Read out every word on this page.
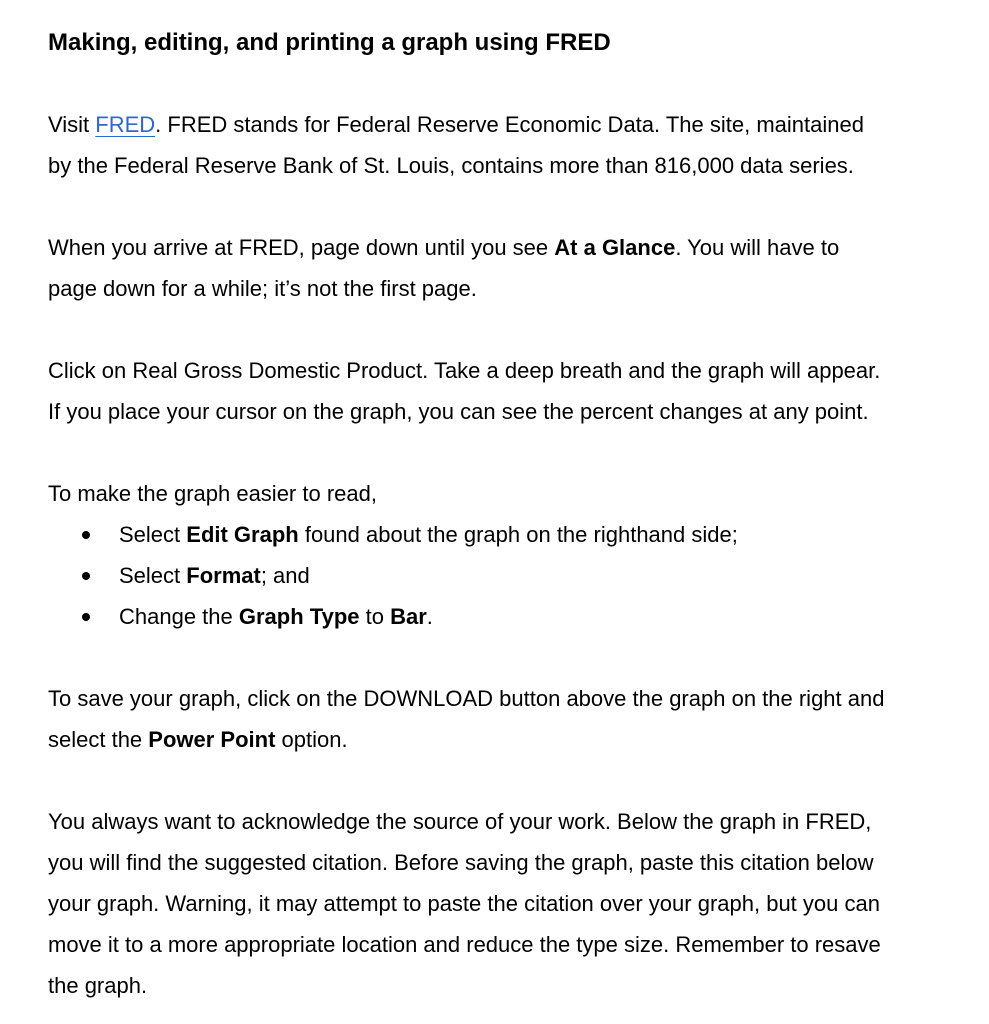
Making, editing, and printing a graph using FRED

Visit FRED. FRED stands for Federal Reserve Economic Data. The site, maintained
by the Federal Reserve Bank of St. Louis, contains more than 816,000 data series.

When you arrive at FRED, page down until you see At a Glance. You will have to
page down for a while; it’s not the first page.

Click on Real Gross Domestic Product. Take a deep breath and the graph will appear.
If you place your cursor on the graph, you can see the percent changes at any point.

To make the graph easier to read,

Select Edit Graph found about the graph on the righthand side;
Select Format; and
Change the Graph Type to Bar.

To save your graph, click on the DOWNLOAD button above the graph on the right and
select the Power Point option.

You always want to acknowledge the source of your work. Below the graph in FRED,
you will find the suggested citation. Before saving the graph, paste this citation below
your graph. Warning, it may attempt to paste the citation over your graph, but you can
move it to a more appropriate location and reduce the type size. Remember to resave
the graph.
